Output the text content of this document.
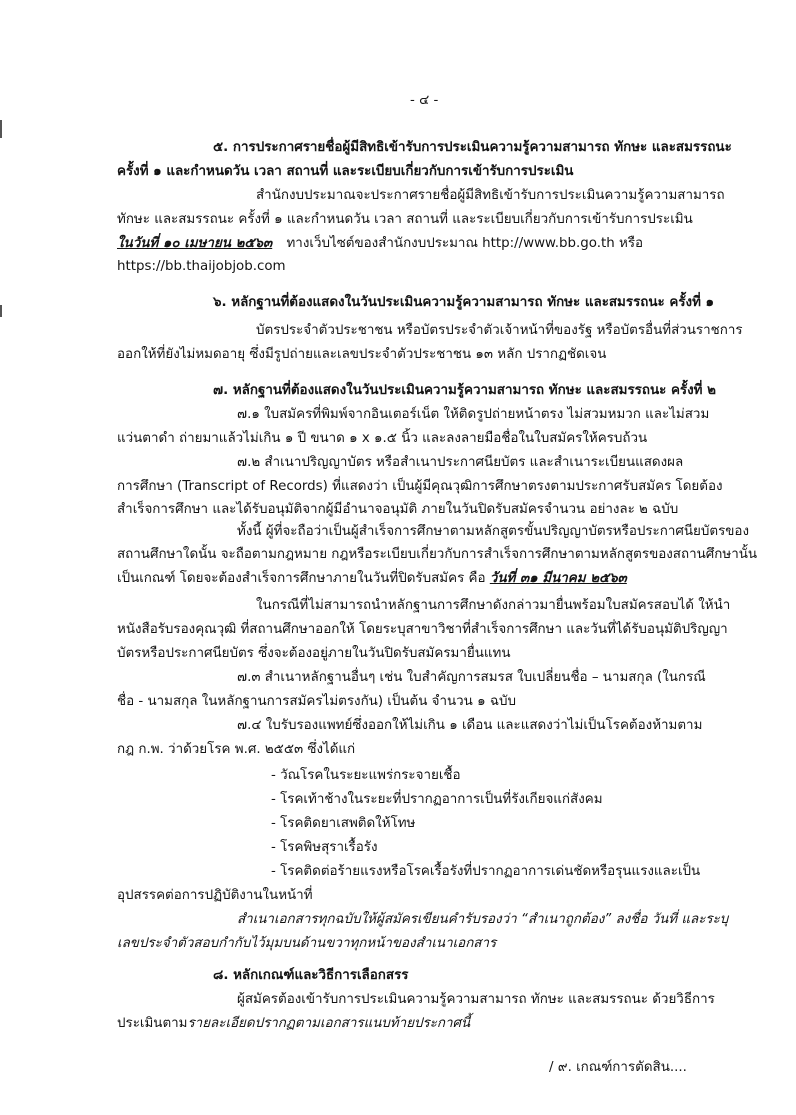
- ๔ -
๕. การประกาศรายชื่อผู้มีสิทธิเข้ารับการประเมินความรู้ความสามารถ ทักษะ และสมรรถนะ
ครั้งที่ ๑ และกำหนดวัน เวลา สถานที่ และระเบียบเกี่ยวกับการเข้ารับการประเมิน
สำนักงบประมาณจะประกาศรายชื่อผู้มีสิทธิเข้ารับการประเมินความรู้ความสามารถ
ทักษะ และสมรรถนะ ครั้งที่ ๑ และกำหนดวัน เวลา สถานที่ และระเบียบเกี่ยวกับการเข้ารับการประเมิน
ในวันที่ ๑๐ เมษายน ๒๕๖๓ ทางเว็บไซต์ของสำนักงบประมาณ http://www.bb.go.th หรือ
https://bb.thaijobjob.com
๖. หลักฐานที่ต้องแสดงในวันประเมินความรู้ความสามารถ ทักษะ และสมรรถนะ ครั้งที่ ๑
บัตรประจำตัวประชาชน หรือบัตรประจำตัวเจ้าหน้าที่ของรัฐ หรือบัตรอื่นที่ส่วนราชการ
ออกให้ที่ยังไม่หมดอายุ ซึ่งมีรูปถ่ายและเลขประจำตัวประชาชน ๑๓ หลัก ปรากฏชัดเจน
๗. หลักฐานที่ต้องแสดงในวันประเมินความรู้ความสามารถ ทักษะ และสมรรถนะ ครั้งที่ ๒
๗.๑ ใบสมัครที่พิมพ์จากอินเตอร์เน็ต ให้ติดรูปถ่ายหน้าตรง ไม่สวมหมวก และไม่สวม
แว่นตาดำ ถ่ายมาแล้วไม่เกิน ๑ ปี ขนาด ๑ x ๑.๕ นิ้ว และลงลายมือชื่อในใบสมัครให้ครบถ้วน
๗.๒ สำเนาปริญญาบัตร หรือสำเนาประกาศนียบัตร และสำเนาระเบียนแสดงผล
การศึกษา (Transcript of Records) ที่แสดงว่า เป็นผู้มีคุณวุฒิการศึกษาตรงตามประกาศรับสมัคร โดยต้อง
สำเร็จการศึกษา และได้รับอนุมัติจากผู้มีอำนาจอนุมัติ ภายในวันปิดรับสมัครจำนวน อย่างละ ๒ ฉบับ
ทั้งนี้ ผู้ที่จะถือว่าเป็นผู้สำเร็จการศึกษาตามหลักสูตรขั้นปริญญาบัตรหรือประกาศนียบัตรของ
สถานศึกษาใดนั้น จะถือตามกฎหมาย กฎหรือระเบียบเกี่ยวกับการสำเร็จการศึกษาตามหลักสูตรของสถานศึกษานั้น
เป็นเกณฑ์ โดยจะต้องสำเร็จการศึกษาภายในวันที่ปิดรับสมัคร คือ วันที่ ๓๑ มีนาคม ๒๕๖๓
ในกรณีที่ไม่สามารถนำหลักฐานการศึกษาดังกล่าวมายื่นพร้อมใบสมัครสอบได้ ให้นำ
หนังสือรับรองคุณวุฒิ ที่สถานศึกษาออกให้ โดยระบุสาขาวิชาที่สำเร็จการศึกษา และวันที่ได้รับอนุมัติปริญญา
บัตรหรือประกาศนียบัตร ซึ่งจะต้องอยู่ภายในวันปิดรับสมัครมายื่นแทน
๗.๓ สำเนาหลักฐานอื่นๆ เช่น ใบสำคัญการสมรส ใบเปลี่ยนชื่อ – นามสกุล (ในกรณี
ชื่อ - นามสกุล ในหลักฐานการสมัครไม่ตรงกัน) เป็นต้น จำนวน ๑ ฉบับ
๗.๔ ใบรับรองแพทย์ซึ่งออกให้ไม่เกิน ๑ เดือน และแสดงว่าไม่เป็นโรคต้องห้ามตาม
กฎ ก.พ. ว่าด้วยโรค พ.ศ. ๒๕๕๓ ซึ่งได้แก่
- วัณโรคในระยะแพร่กระจายเชื้อ
- โรคเท้าช้างในระยะที่ปรากฏอาการเป็นที่รังเกียจแก่สังคม
- โรคติดยาเสพติดให้โทษ
- โรคพิษสุราเรื้อรัง
- โรคติดต่อร้ายแรงหรือโรคเรื้อรังที่ปรากฏอาการเด่นชัดหรือรุนแรงและเป็น
อุปสรรคต่อการปฏิบัติงานในหน้าที่
สำเนาเอกสารทุกฉบับให้ผู้สมัครเขียนคำรับรองว่า “สำเนาถูกต้อง” ลงชื่อ วันที่ และระบุ
เลขประจำตัวสอบกำกับไว้มุมบนด้านขวาทุกหน้าของสำเนาเอกสาร
๘. หลักเกณฑ์และวิธีการเลือกสรร
ผู้สมัครต้องเข้ารับการประเมินความรู้ความสามารถ ทักษะ และสมรรถนะ ด้วยวิธีการ
ประเมินตามรายละเอียดปรากฏตามเอกสารแนบท้ายประกาศนี้
/ ๙. เกณฑ์การตัดสิน....
